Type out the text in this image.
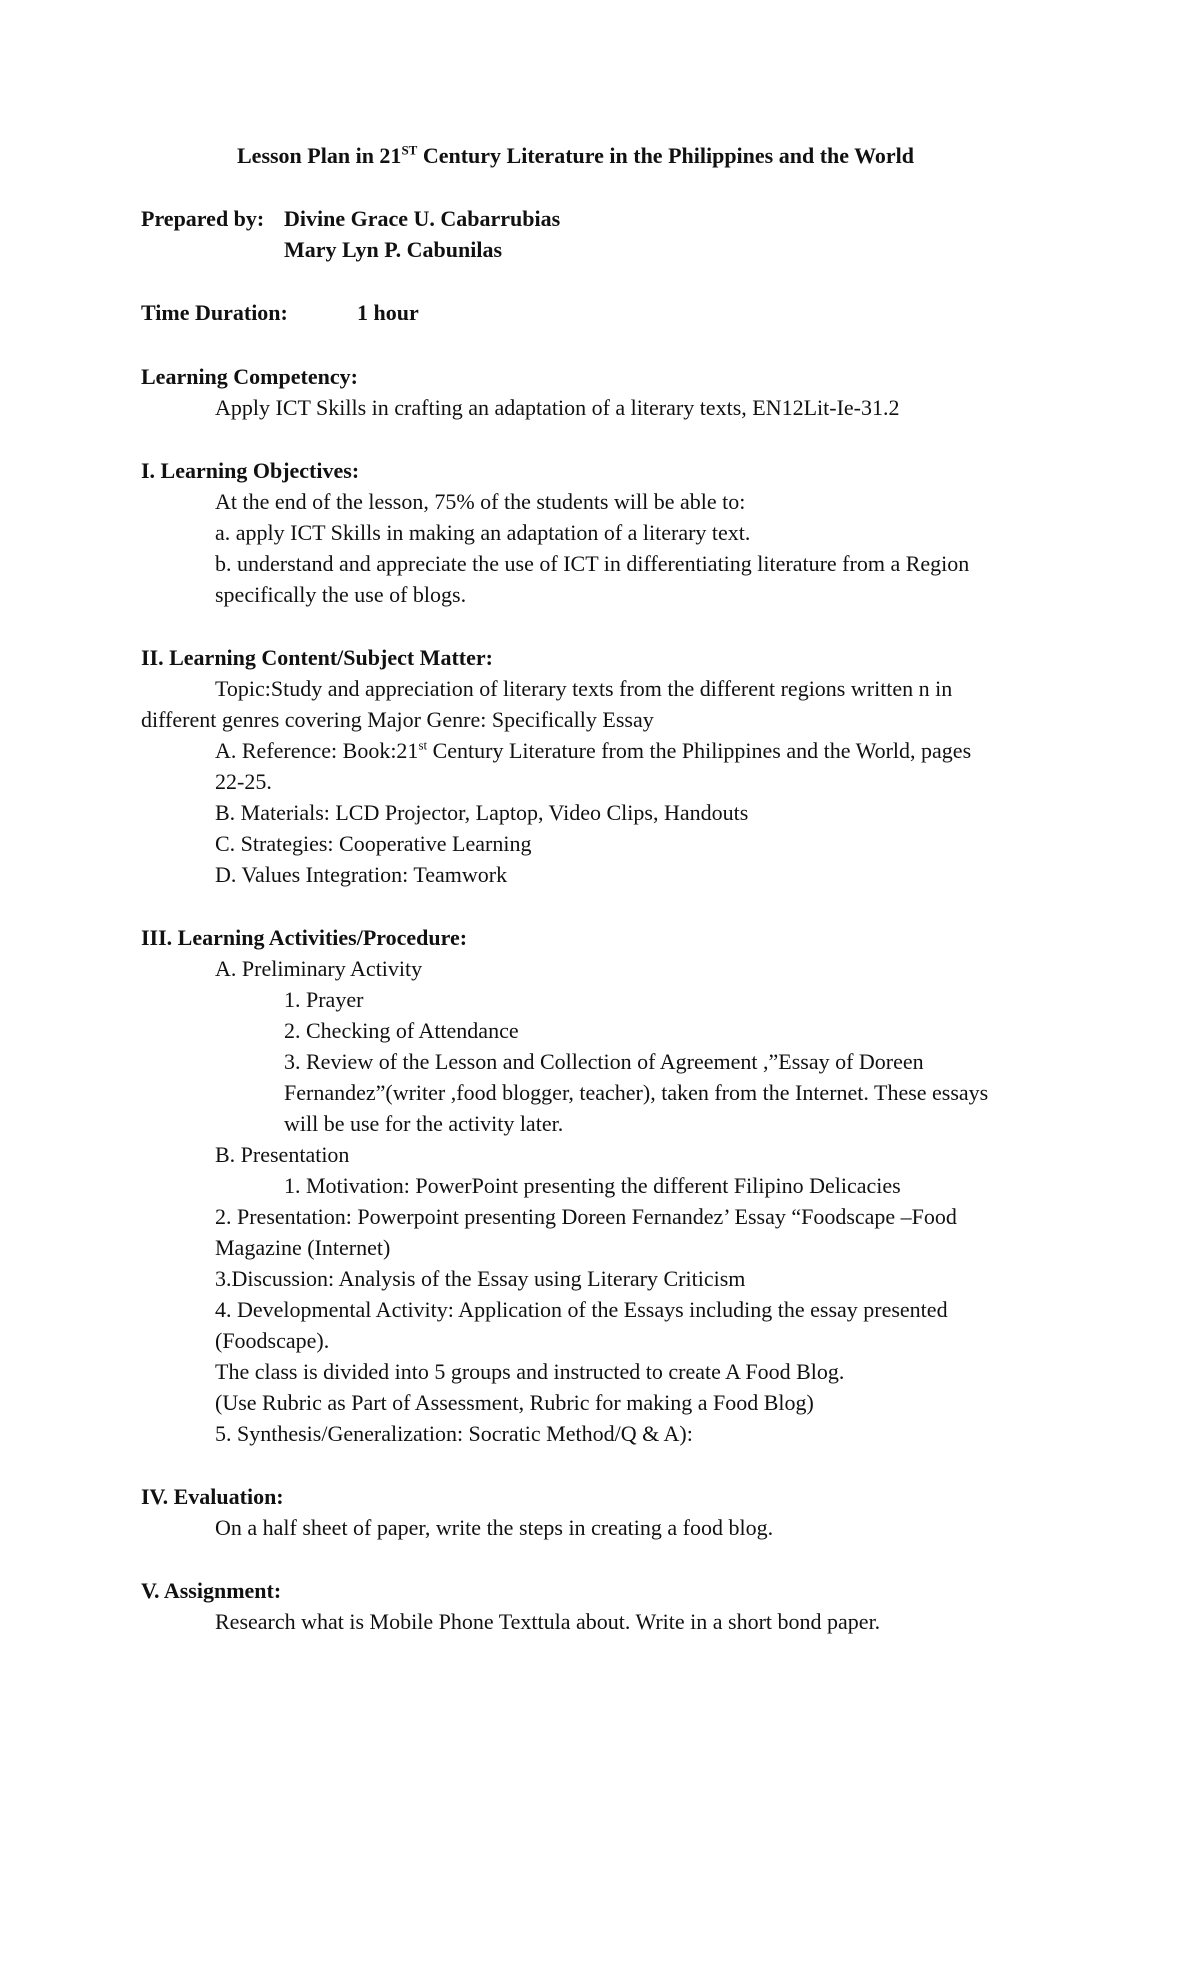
Lesson Plan in 21ST Century Literature in the Philippines and the World

Prepared by: Divine Grace U. Cabarrubias

Mary Lyn P. Cabunilas

Time Duration:	1 hour

Learning Competency:

Apply ICT Skills in crafting an adaptation of a literary texts, EN12Lit-Ie-31.2

I. Learning Objectives:

At the end of the lesson, 75% of the students will be able to:

a. apply ICT Skills in making an adaptation of a literary text.

b. understand and appreciate the use of ICT in differentiating literature from a Region

specifically the use of blogs.

II. Learning Content/Subject Matter:

Topic:Study and appreciation of literary texts from the different regions written n in

different genres covering Major Genre: Specifically Essay

A. Reference: Book:21st Century Literature from the Philippines and the World, pages

22-25.

B. Materials: LCD Projector, Laptop, Video Clips, Handouts

C. Strategies: Cooperative Learning

D. Values Integration: Teamwork

III. Learning Activities/Procedure:

A. Preliminary Activity

1. Prayer

2. Checking of Attendance

3. Review of the Lesson and Collection of Agreement ,”Essay of Doreen

Fernandez”(writer ,food blogger, teacher), taken from the Internet. These essays

will be use for the activity later.

B. Presentation

1. Motivation: PowerPoint presenting the different Filipino Delicacies

2. Presentation: Powerpoint presenting Doreen Fernandez’ Essay “Foodscape –Food

Magazine (Internet)

3.Discussion: Analysis of the Essay using Literary Criticism

4. Developmental Activity: Application of the Essays including the essay presented

(Foodscape).

The class is divided into 5 groups and instructed to create A Food Blog.

(Use Rubric as Part of Assessment, Rubric for making a Food Blog)

5. Synthesis/Generalization: Socratic Method/Q & A):

IV. Evaluation:

On a half sheet of paper, write the steps in creating a food blog.

V. Assignment:

Research what is Mobile Phone Texttula about. Write in a short bond paper.
